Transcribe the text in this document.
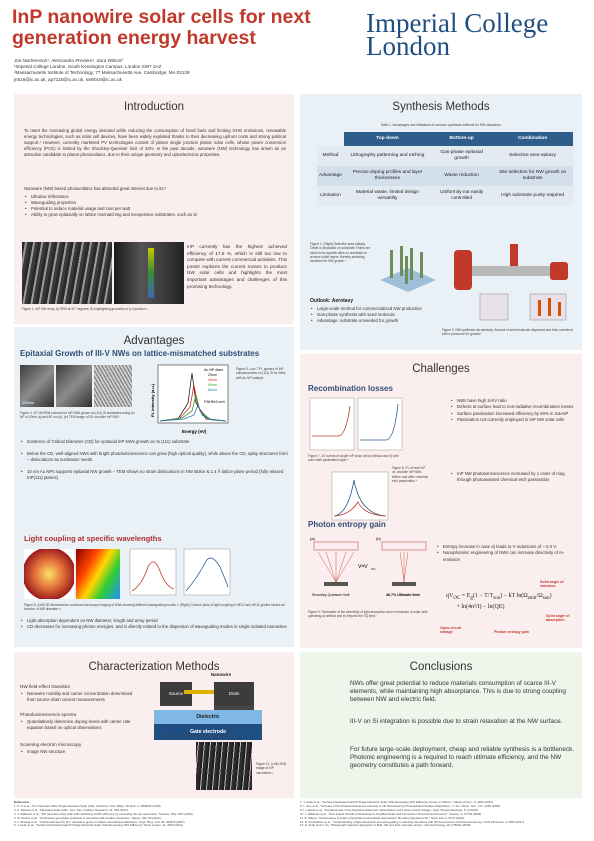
InP nanowire solar cells for next generation energy harvest
Joe Nachemson¹, Alessandro Previero¹, Sara Wilson²
¹Imperial College London, South Kensington Campus, London SW7 2AZ
²Massachusetts Institute of Technology, 77 Massachusetts Ave, Cambridge, MA 02139
jn516@ic.ac.uk, ap7115@ic.ac.uk, sw6019@ic.ac.uk
Imperial College
London
Introduction
To meet the increasing global energy demand while reducing the consumption of fossil fuels and limiting GHG emissions, renewable energy technologies, such as solar cell devices, have been widely exploited thanks to their decreasing upfront costs and strong political support.¹ However, currently marketed PV technologies consist of planar single junction planar solar cells, whose power conversion efficiency (PCE) is limited by the Shockley-Queisser limit of 33%. In the past decade, nanowire (NW) technology has arisen as an attractive candidate to planar photovoltaics, due to their unique geometry and optoelectronic properties.
Nanowire (NW) based photovoltaics has attracted great interest due to its:²
• Ultralow reflectance
• Waveguiding properties
• Potential to reduce material usage and cost per watt
• Ability to grow epitaxially on lattice mismatching and inexpensive substrates, such as Si
Figure 1. InP NW array, A) SEM at 30° degrees, B) highlighting geometry of p-n junction.³
InP currently has the highest achieved efficiency of 17.8 %, which is still too low to compete with current commercial activities. This poster explores the current means to produce NW solar cells and highlights the most important advantages and challenges of this promising technology.
Synthesis Methods
Table 1. Advantages and limitations of common synthesis methods for NW nanowires.
	Top-down	Bottom-up	Combination
Method	Lithography patterning and etching	Gas-phase epitaxial growth	Selective area epitaxy
Advantage	Precise doping profiles and layer thicknesses	Waste reduction	Site selection for NW growth on substrate
Limitation	Material waste, limited design versatility	Uniformity not easily controlled	High substrate purity required
Figure 2. (Right) Selective area epitaxy. Oxide is deposited on substrate. Holes are etched into specific sites on substrate to remove oxide layers, thereby selecting locations for NW growth.⁴
Outlook: Aerotaxy
• Large-scale method for commercialized NW production
• Gas-phase synthesis with seed molecule
• Advantage: substrate unneeded for growth
Figure 3. NW synthesis via aerotaxy. Aerosol of seed molecule dispersed and then combined with a precursor for growth.⁵
Advantages
Epitaxial Growth of III-V NWs on lattice-mismatched substrates
100nm
Figure 4. 20°-tilt SEM pictures for InP NWs grown on (111) Si substrates using Au NP of 20nm (a) and 60 nm (d). (e) TEM image of 20 nm-wide InP NW.⁶
Au NP diam.
20nm
40nm
60nm
80nm
FWHM 6 meV
Energy (eV)
PL Intensity (a.u.)
Figure 5. Low-T PL spectra of InP nanostructures on (111) Si for NWs with Au NP catalyst.
• Existence of Critical Diameter (CD) for epitaxial InP NWs growth on Si (111) substrate
• Below the CD, well-aligned NWs with bright photoluminescence can grow (high optical quality), while above the CD, splay structures form – dislocations as nucleation seeds
• 10 nm Au NPs supports epitaxial NW growth – TEM shows no strain dislocations in NW lattice & 1.4 Å lattice plane period (fully relaxed InP(111) planes)
Light coupling at specific wavelengths
Figure 6. (Left) 3D fluorescence confocal microscopy imaging of NWs showing different waveguiding modes.¹⁰ (Right) Contour plots of light coupling in HE12 and HE11 guided modes as function of NW diameter.¹¹
• Light absorption dependent on NW diameter, length and array period
• CD decreases for increasing photon energies, and is directly related to the dispersion of waveguiding modes in single isolated nanowires
Challenges
Recombination losses
Figure 7. JV curves of single InP solar cell a) without and b) with core-shell passivation layer.⁸
Figure 8. PL of bulk InP vs. wurtzite InP NWs before and after chemical etch passivation.⁹
• NWs have high SA/V ratio
• Defects at surface lead to non-radiative recombination losses
• Surface passivation increased efficiency by 50% in GaAsP
• Passivation not currently employed in InP NW solar cells
• InP NW photoluminescence increased by 1 order of mag through photoassisted chemical etch passivation
Photon entropy gain
(a)	(b)
V=V OC
Shockley-Queisser limit	46.7% Ultimate limit
Figure 9. Schematic of the directivity of light absorption and re-emission of solar cells operating a) without and b) beyond the SQ limit.¹
• Entropy increase in case a) leads to V reductions of ~ 0.3 V.
• Nanophotonic engineering of NWs can increase directivity of re-emission
Solid angle of emission
$qV_{OC} = E_g(1 - T/T_{sun})$ − kT $\ln(\Omega_{emit}/\Omega_{sun})$
+ ln(4n²/I) − ln(QE)
Solid angle of absorption
Open-circuit voltage	Photon entropy gain
Characterization Methods
NW field-effect transistor
• Nanowire mobility and carrier concentration determined from source-drain current measurements
Photoluminescence spectra
• Quantitatively determine doping levels with carrier rate equation based on optical observations
Scanning electron microscopy
• Image NW structure
Source
Nanowire
Drain
Dielectric
Gate electrode
Figure 10. NW field-effect transistor schematic.¹²
Figure 11. (Left) SEM image of InP nanowires.¹³
Conclusions
NWs offer great potential to reduce materials consumption of scarce III-V elements, while maintaining high absorptance. This is due to strong coupling between NW and electric field.
III-V on Si integration is possible due to strain relaxation at the NW surface.
For future large-scale deployment, cheap and reliable synthesis is a bottleneck. Photonic engineering is a required to reach ultimate efficiency, and the NW geometry constitutes a path forward.
References
1. Z. Li et al., "III-V Nanowire-Wire Single Nanowire Solar Cells: A Review," Adv. Mater. Technol. 3, 1800005 (2018).
2. K. Dasnett et al., "Nanowire Solar Cells," Ann. Rev. of Mater. Research, 41, 269 (2011).
3. J. Wallentin et al., "InP nanowire array solar cells achieving 13.8% efficiency by exceeding the ray optics limit," Science, 339, 1057 (2013).
4. M. Heurlin et al., "Continuous gas-phase synthesis of nanowires with tunable properties," Nature, 492, 90 (2012).
5. L. Zhuang et al., "Critical diameter for III-V nanowires grown on lattice-mismatched substrates," Appl. Phys. Lett. 90, 043115 (2007).
6. J. Heile et al., "Surface-Passivated GaAsP Single-Nanowire Solar Cells Exceeding 10% Efficiency" Nano Letters, 14, 3293 (2014).
7. J. Heile et al., "Surface-Passivated GaAsP Single-Nanowire Solar Cells Exceeding 10% Efficiency Grown on Silicon," Nature Comm., 5, 3293 (2014).
8. L. Sun et al., "Increase of the Photoluminescence Intensity of InP Nanowires by Photoassisted Surface Passivation," J. Am. Chem. Soc., 127, 1260 (2005).
9. L. Hasnik et al., "Fundamentals of the Nanowire Solar Cell: Optimization of the Open Circuit Voltage," Appl. Physics Reviews, 5, 3 (2018).
10. J. Wallentin et al., "Flux-limited Growth of Nanowires in Amplified Solar-Cell Conversion Chemical Environment," Science, 5, 27702 (2009).
11. K. Wilson, "Performance of indium phosphide photovoltaics approaches 'Shockley-Queisser limit'," Nano Lett. 9, 2170 (2019).
12. R. Frederikson et al., "Understanding of light absorption and waveguiding in standing nanowires with 3D fluorescence confocal microscopy," ACS Photonics, 4, 2009 (2017).
13. N. Anttu and H. Xu, "Wavelength selective absorption in Bulk, InP and InAs nanowire arrays," Nanotechnology, 20, 075202 (2009).
